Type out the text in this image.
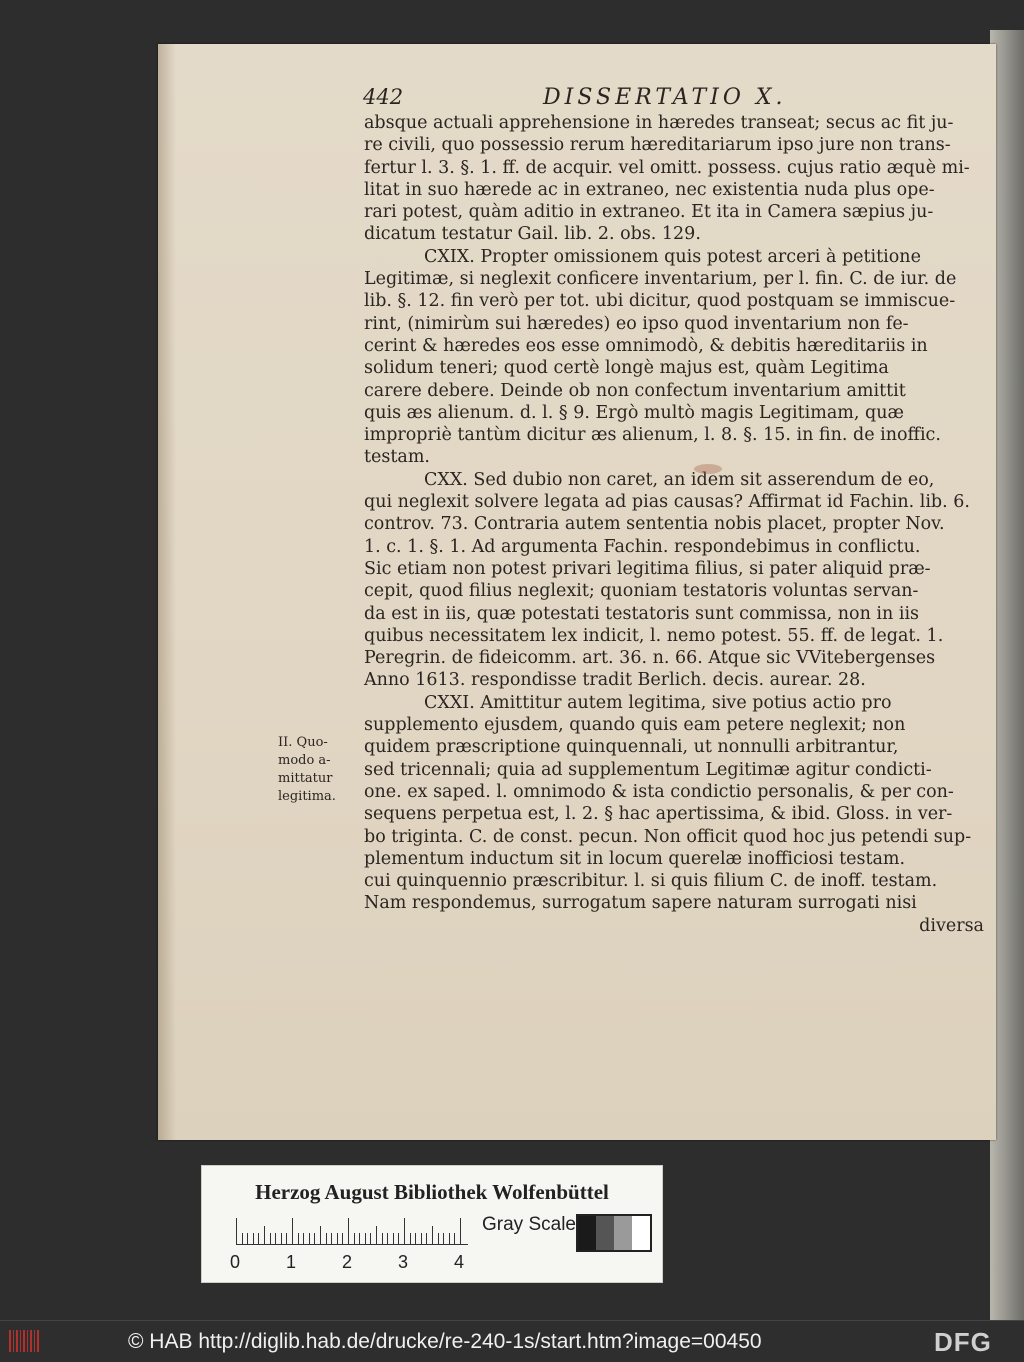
442	DISSERTATIO X.

absque actuali apprehensione in hæredes transeat; secus ac fit ju-

re civili, quo possessio rerum hæreditariarum ipso jure non trans-

fertur l. 3. §. 1. ff. de acquir. vel omitt. possess. cujus ratio æquè mi-

litat in suo hærede ac in extraneo, nec existentia nuda plus ope-

rari potest, quàm aditio in extraneo. Et ita in Camera sæpius ju-

dicatum testatur Gail. lib. 2. obs. 129.

CXIX. Propter omissionem quis potest arceri à petitione

Legitimæ, si neglexit conficere inventarium, per l. fin. C. de iur. de

lib. §. 12. fin verò per tot. ubi dicitur, quod postquam se immiscue-

rint, (nimirùm sui hæredes) eo ipso quod inventarium non fe-

cerint & hæredes eos esse omnimodò, & debitis hæreditariis in

solidum teneri; quod certè longè majus est, quàm Legitima

carere debere. Deinde ob non confectum inventarium amittit

quis æs alienum. d. l. § 9. Ergò multò magis Legitimam, quæ

impropriè tantùm dicitur æs alienum, l. 8. §. 15. in fin. de inoffic.

testam.

CXX. Sed dubio non caret, an idem sit asserendum de eo,

qui neglexit solvere legata ad pias causas? Affirmat id Fachin. lib. 6.

controv. 73. Contraria autem sententia nobis placet, propter Nov.

1. c. 1. §. 1. Ad argumenta Fachin. respondebimus in conflictu.

Sic etiam non potest privari legitima filius, si pater aliquid præ-

cepit, quod filius neglexit; quoniam testatoris voluntas servan-

da est in iis, quæ potestati testatoris sunt commissa, non in iis

quibus necessitatem lex indicit, l. nemo potest. 55. ff. de legat. 1.

Peregrin. de fideicomm. art. 36. n. 66. Atque sic VVitebergenses

Anno 1613. respondisse tradit Berlich. decis. aurear. 28.

CXXI. Amittitur autem legitima, sive potius actio pro

supplemento ejusdem, quando quis eam petere neglexit; non

quidem præscriptione quinquennali, ut nonnulli arbitrantur,

sed tricennali; quia ad supplementum Legitimæ agitur condicti-

one. ex saped. l. omnimodo & ista condictio personalis, & per con-

sequens perpetua est, l. 2. § hac apertissima, & ibid. Gloss. in ver-

bo triginta. C. de const. pecun. Non officit quod hoc jus petendi sup-

plementum inductum sit in locum querelæ inofficiosi testam.

cui quinquennio præscribitur. l. si quis filium C. de inoff. testam.

Nam respondemus, surrogatum sapere naturam surrogati nisi

diversa

II. Quo-
modo a-
mittatur
legitima.
Herzog August Bibliothek Wolfenbüttel
0	1	2	3	4
Gray Scale
© HAB http://diglib.hab.de/drucke/re-240-1s/start.htm?image=00450	DFG
